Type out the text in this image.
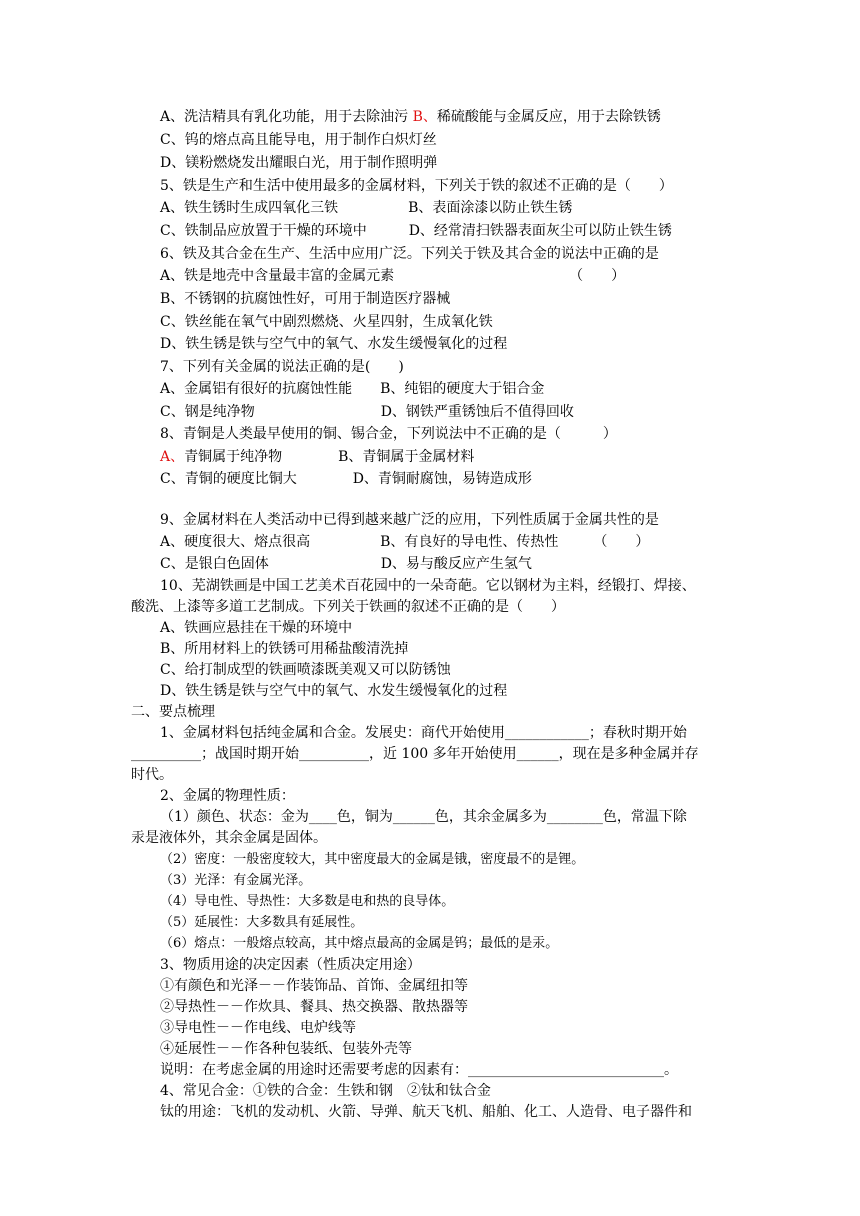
A、洗洁精具有乳化功能，用于去除油污 B、稀硫酸能与金属反应，用于去除铁锈
C、钨的熔点高且能导电，用于制作白炽灯丝
D、镁粉燃烧发出耀眼白光，用于制作照明弹
5、铁是生产和生活中使用最多的金属材料，下列关于铁的叙述不正确的是（　　）
A、铁生锈时生成四氧化三铁　　　　　B、表面涂漆以防止铁生锈
C、铁制品应放置于干燥的环境中　　　D、经常清扫铁器表面灰尘可以防止铁生锈
6、铁及其合金在生产、生活中应用广泛。下列关于铁及其合金的说法中正确的是
A、铁是地壳中含量最丰富的金属元素　　　　　　　　　　　　　（　　）
B、不锈钢的抗腐蚀性好，可用于制造医疗器械
C、铁丝能在氧气中剧烈燃烧、火星四射，生成氧化铁
D、铁生锈是铁与空气中的氧气、水发生缓慢氧化的过程
7、下列有关金属的说法正确的是(　　)
A、金属铝有很好的抗腐蚀性能　　B、纯铝的硬度大于铝合金
C、钢是纯净物　　　　　　　　　D、钢铁严重锈蚀后不值得回收
8、青铜是人类最早使用的铜、锡合金，下列说法中不正确的是（　　　）
A、青铜属于纯净物　　　　B、青铜属于金属材料
C、青铜的硬度比铜大　　　　D、青铜耐腐蚀，易铸造成形
9、金属材料在人类活动中已得到越来越广泛的应用，下列性质属于金属共性的是
A、硬度很大、熔点很高　　　　　B、有良好的导电性、传热性　　　（　　）
C、是银白色固体　　　　　　　　D、易与酸反应产生氢气
10、芜湖铁画是中国工艺美术百花园中的一朵奇葩。它以钢材为主料，经锻打、焊接、
酸洗、上漆等多道工艺制成。下列关于铁画的叙述不正确的是（　　）
A、铁画应悬挂在干燥的环境中
B、所用材料上的铁锈可用稀盐酸清洗掉
C、给打制成型的铁画喷漆既美观又可以防锈蚀
D、铁生锈是铁与空气中的氧气、水发生缓慢氧化的过程
二、要点梳理
1、金属材料包括纯金属和合金。发展史：商代开始使用____________；春秋时期开始
__________；战国时期开始__________，近 100 多年开始使用______，现在是多种金属并存
时代。
2、金属的物理性质：
（1）颜色、状态：金为____色，铜为______色，其余金属多为________色，常温下除
汞是液体外，其余金属是固体。
（2）密度：一般密度较大，其中密度最大的金属是锇，密度最不的是锂。
（3）光泽：有金属光泽。
（4）导电性、导热性：大多数是电和热的良导体。
（5）延展性：大多数具有延展性。
（6）熔点：一般熔点较高，其中熔点最高的金属是钨；最低的是汞。
3、物质用途的决定因素（性质决定用途）
①有颜色和光泽－－作装饰品、首饰、金属纽扣等
②导热性－－作炊具、餐具、热交换器、散热器等
③导电性－－作电线、电炉线等
④延展性－－作各种包装纸、包装外壳等
说明：在考虑金属的用途时还需要考虑的因素有：____________________________。
4、常见合金：①铁的合金：生铁和钢　②钛和钛合金
钛的用途：飞机的发动机、火箭、导弹、航天飞机、船舶、化工、人造骨、电子器件和
